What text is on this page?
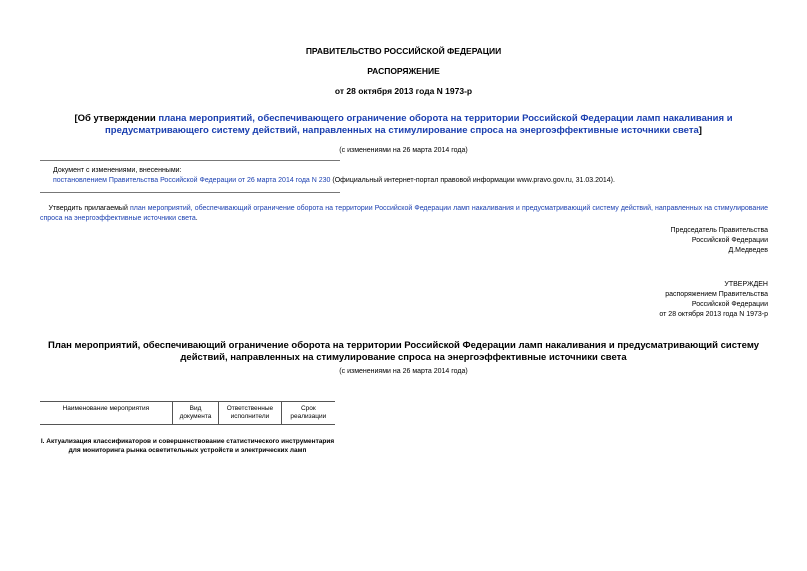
ПРАВИТЕЛЬСТВО РОССИЙСКОЙ ФЕДЕРАЦИИ
РАСПОРЯЖЕНИЕ
от 28 октября 2013 года N 1973-р
[Об утверждении плана мероприятий, обеспечивающего ограничение оборота на территории Российской Федерации ламп накаливания и предусматривающего систему действий, направленных на стимулирование спроса на энергоэффективные источники света]
(с изменениями на 26 марта 2014 года)
Документ с изменениями, внесенными:
постановлением Правительства Российской Федерации от 26 марта 2014 года N 230 (Официальный интернет-портал правовой информации www.pravo.gov.ru, 31.03.2014).
Утвердить прилагаемый план мероприятий, обеспечивающий ограничение оборота на территории Российской Федерации ламп накаливания и предусматривающий систему действий, направленных на стимулирование спроса на энергоэффективные источники света.
Председатель Правительства
Российской Федерации
Д.Медведев
УТВЕРЖДЕН
распоряжением Правительства
Российской Федерации
от 28 октября 2013 года N 1973-р
План мероприятий, обеспечивающий ограничение оборота на территории Российской Федерации ламп накаливания и предусматривающий систему действий, направленных на стимулирование спроса на энергоэффективные источники света
(с изменениями на 26 марта 2014 года)
Наименование мероприятия	Вид документа	Ответственные исполнители	Срок реализации
I. Актуализация классификаторов и совершенствование статистического инструментария для мониторинга рынка осветительных устройств и электрических ламп
